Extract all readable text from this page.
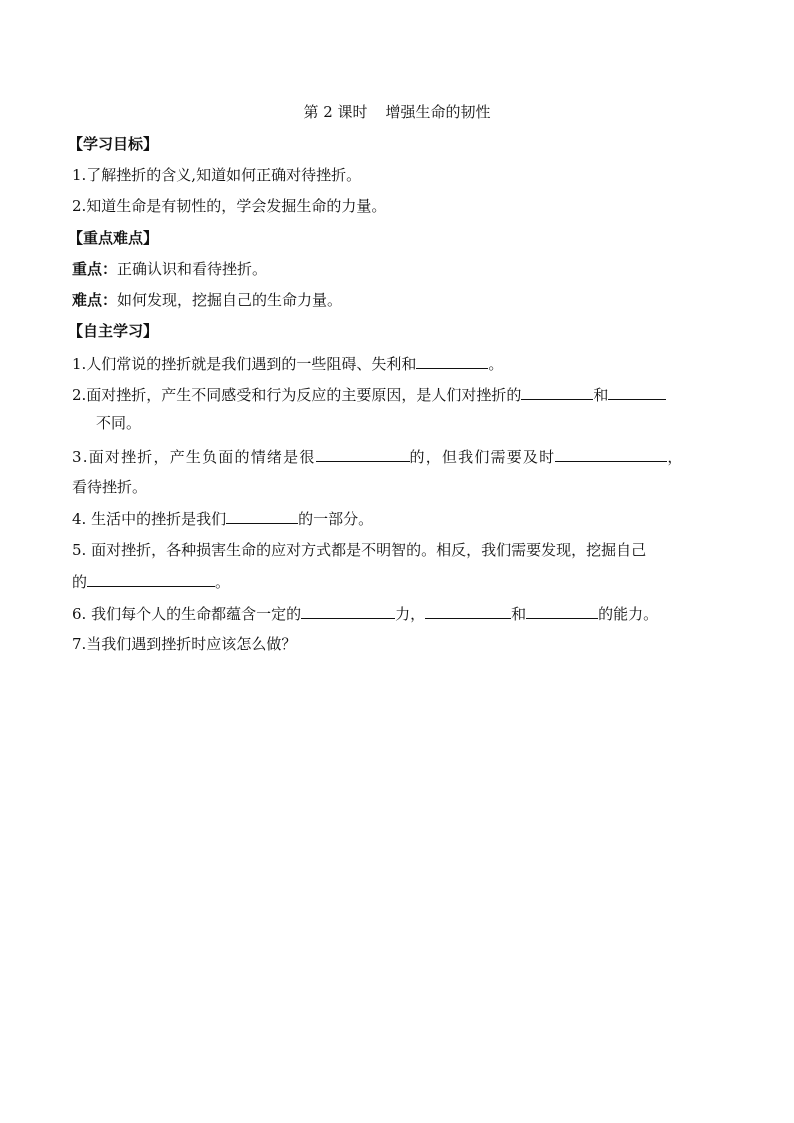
第 2 课时 增强生命的韧性
【学习目标】
1.了解挫折的含义,知道如何正确对待挫折。
2.知道生命是有韧性的，学会发掘生命的力量。
【重点难点】
重点：正确认识和看待挫折。
难点：如何发现，挖掘自己的生命力量。
【自主学习】
1.人们常说的挫折就是我们遇到的一些阻碍、失利和	。
2.面对挫折，产生不同感受和行为反应的主要原因，是人们对挫折的	和
不同。
3.面对挫折，产生负面的情绪是很	的，但我们需要及时	，
看待挫折。
4. 生活中的挫折是我们	的一部分。
5. 面对挫折，各种损害生命的应对方式都是不明智的。相反，我们需要发现，挖掘自己
的	。
6. 我们每个人的生命都蕴含一定的	力，	和	的能力。
7.当我们遇到挫折时应该怎么做？
